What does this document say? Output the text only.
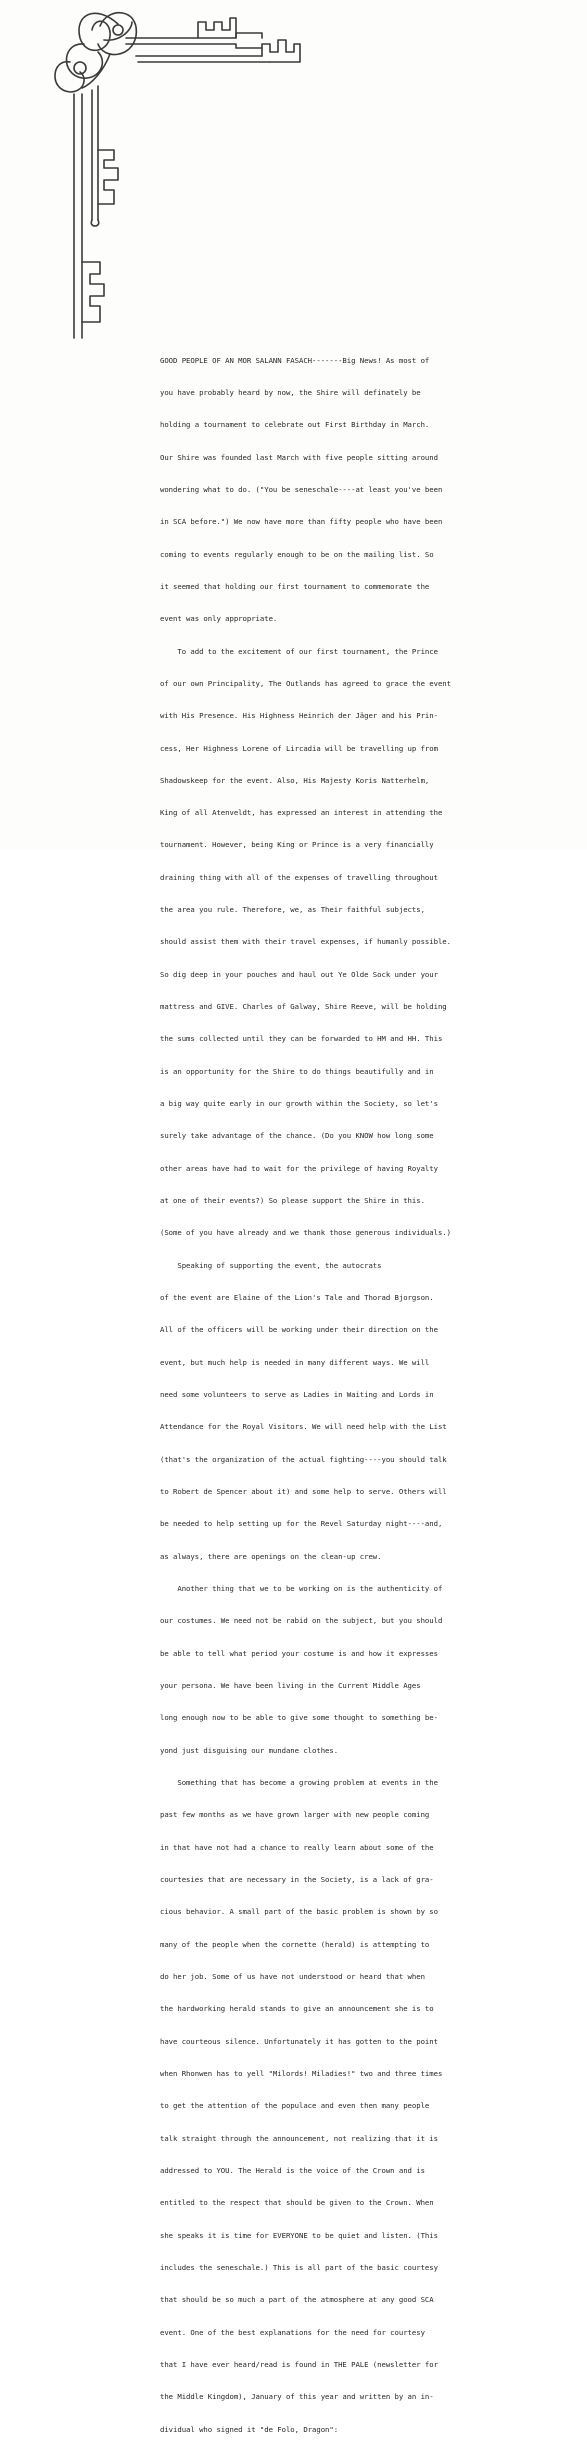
GOOD PEOPLE OF AN MOR SALANN FASACH-------Big News! As most of

you have probably heard by now, the Shire will definately be

holding a tournament to celebrate out First Birthday in March.

Our Shire was founded last March with five people sitting around

wondering what to do. ("You be seneschale----at least you've been

in SCA before.") We now have more than fifty people who have been

coming to events regularly enough to be on the mailing list. So

it seemed that holding our first tournament to commemorate the

event was only appropriate.

To add to the excitement of our first tournament, the Prince

of our own Principality, The Outlands has agreed to grace the event

with His Presence. His Highness Heinrich der Jäger and his Prin-

cess, Her Highness Lorene of Lircadia will be travelling up from

Shadowskeep for the event. Also, His Majesty Koris Natterhelm,

King of all Atenveldt, has expressed an interest in attending the

tournament. However, being King or Prince is a very financially

draining thing with all of the expenses of travelling throughout

the area you rule. Therefore, we, as Their faithful subjects,

should assist them with their travel expenses, if humanly possible.

So dig deep in your pouches and haul out Ye Olde Sock under your

mattress and GIVE. Charles of Galway, Shire Reeve, will be holding

the sums collected until they can be forwarded to HM and HH. This

is an opportunity for the Shire to do things beautifully and in

a big way quite early in our growth within the Society, so let's

surely take advantage of the chance. (Do you KNOW how long some

other areas have had to wait for the privilege of having Royalty

at one of their events?) So please support the Shire in this.

(Some of you have already and we thank those generous individuals.)

Speaking of supporting the event, the autocrats

of the event are Elaine of the Lion's Tale and Thorad Bjorgson.

All of the officers will be working under their direction on the

event, but much help is needed in many different ways. We will

need some volunteers to serve as Ladies in Waiting and Lords in

Attendance for the Royal Visitors. We will need help with the List

(that's the organization of the actual fighting----you should talk

to Robert de Spencer about it) and some help to serve. Others will

be needed to help setting up for the Revel Saturday night----and,

as always, there are openings on the clean-up crew.

Another thing that we to be working on is the authenticity of

our costumes. We need not be rabid on the subject, but you should

be able to tell what period your costume is and how it expresses

your persona. We have been living in the Current Middle Ages

long enough now to be able to give some thought to something be-

yond just disguising our mundane clothes.

Something that has become a growing problem at events in the

past few months as we have grown larger with new people coming

in that have not had a chance to really learn about some of the

courtesies that are necessary in the Society, is a lack of gra-

cious behavior. A small part of the basic problem is shown by so

many of the people when the cornette (herald) is attempting to

do her job. Some of us have not understood or heard that when

the hardworking herald stands to give an announcement she is to

have courteous silence. Unfortunately it has gotten to the point

when Rhonwen has to yell "Milords! Miladies!" two and three times

to get the attention of the populace and even then many people

talk straight through the announcement, not realizing that it is

addressed to YOU. The Herald is the voice of the Crown and is

entitled to the respect that should be given to the Crown. When

she speaks it is time for EVERYONE to be quiet and listen. (This

includes the seneschale.) This is all part of the basic courtesy

that should be so much a part of the atmosphere at any good SCA

event. One of the best explanations for the need for courtesy

that I have ever heard/read is found in THE PALE (newsletter for

the Middle Kingdom), January of this year and written by an in-

dividual who signed it "de Folo, Dragon":
